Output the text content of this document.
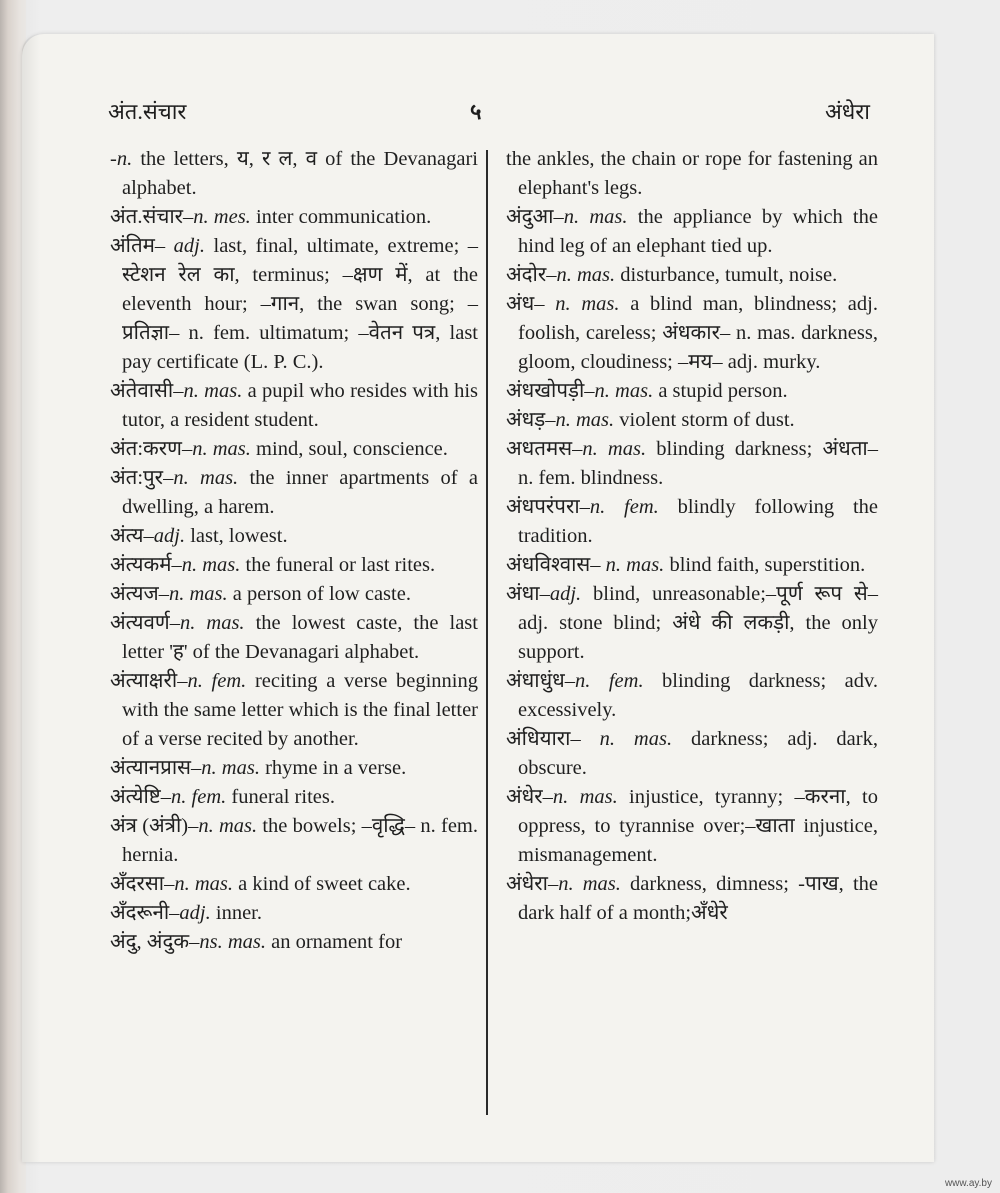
अंत.संचार	५	अंधेरा

-n. the letters, य, र ल, व of the Devanagari alphabet.

अंत.संचार–n. mes. inter communication.

अंतिम– adj. last, final, ultimate, extreme; –स्टेशन रेल का, terminus; –क्षण में, at the eleventh hour; –गान, the swan song; –प्रतिज्ञा– n. fem. ultimatum; –वेतन पत्र, last pay certificate (L. P. C.).

अंतेवासी–n. mas. a pupil who resides with his tutor, a resident student.

अंत:करण–n. mas. mind, soul, conscience.

अंत:पुर–n. mas. the inner apartments of a dwelling, a harem.

अंत्य–adj. last, lowest.

अंत्यकर्म–n. mas. the funeral or last rites.

अंत्यज–n. mas. a person of low caste.

अंत्यवर्ण–n. mas. the lowest caste, the last letter 'ह' of the Devanagari alphabet.

अंत्याक्षरी–n. fem. reciting a verse beginning with the same letter which is the final letter of a verse recited by another.

अंत्यानप्रास–n. mas. rhyme in a verse.

अंत्येष्टि–n. fem. funeral rites.

अंत्र (अंत्री)–n. mas. the bowels; –वृद्धि– n. fem. hernia.

अँदरसा–n. mas. a kind of sweet cake.

अँदरूनी–adj. inner.

अंदु, अंदुक–ns. mas. an ornament for

the ankles, the chain or rope for fastening an elephant's legs.

अंदुआ–n. mas. the appliance by which the hind leg of an elephant tied up.

अंदोर–n. mas. disturbance, tumult, noise.

अंध– n. mas. a blind man, blindness; adj. foolish, careless; अंधकार– n. mas. darkness, gloom, cloudiness; –मय– adj. murky.

अंधखोपड़ी–n. mas. a stupid person.

अंधड़–n. mas. violent storm of dust.

अधतमस–n. mas. blinding darkness; अंधता– n. fem. blindness.

अंधपरंपरा–n. fem. blindly following the tradition.

अंधविश्वास– n. mas. blind faith, superstition.

अंधा–adj. blind, unreasonable;–पूर्ण रूप से– adj. stone blind; अंधे की लकड़ी, the only support.

अंधाधुंध–n. fem. blinding darkness; adv. excessively.

अंधियारा– n. mas. darkness; adj. dark, obscure.

अंधेर–n. mas. injustice, tyranny; –करना, to oppress, to tyrannise over;–खाता injustice, mismanagement.

अंधेरा–n. mas. darkness, dimness; -पाख, the dark half of a month;अँधेरे

www.ay.by
